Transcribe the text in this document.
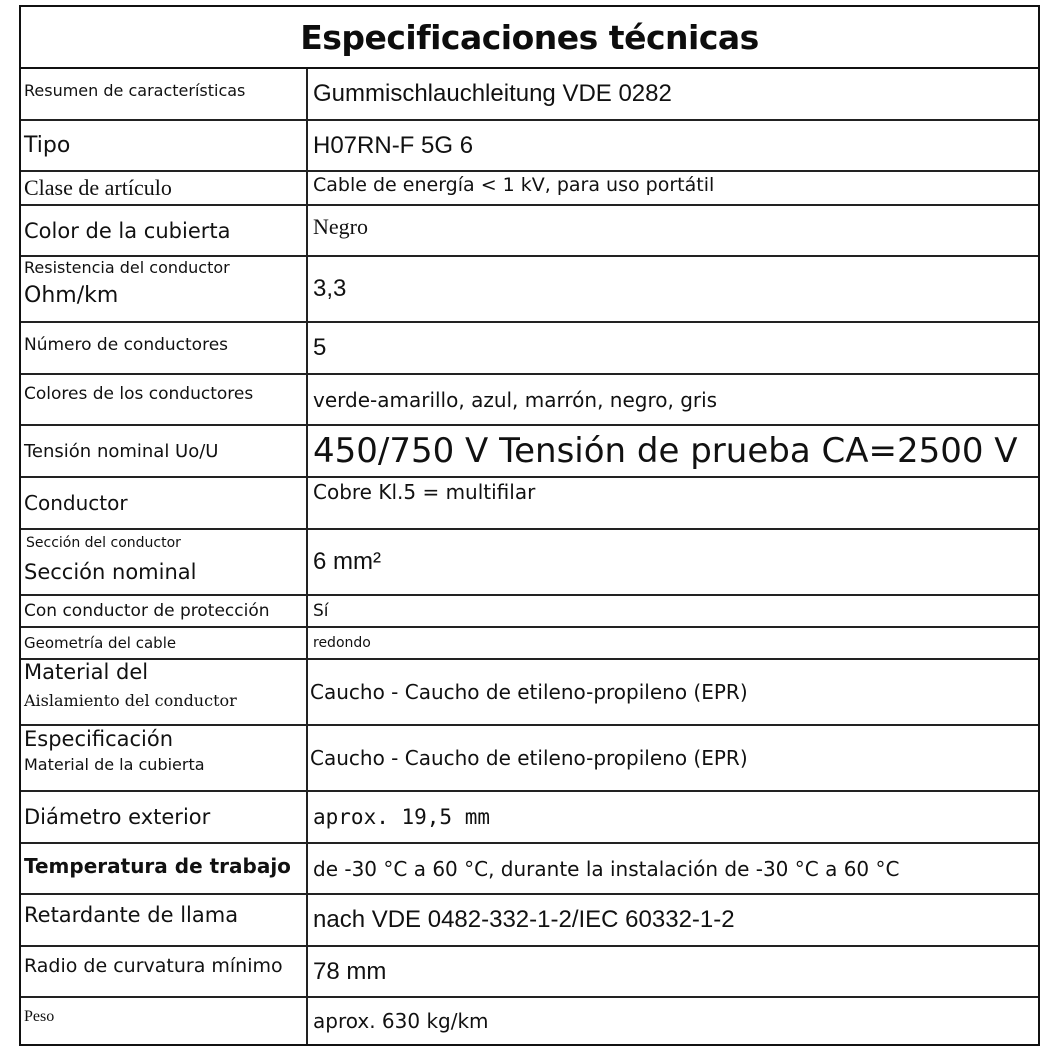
Especificaciones técnicas
Resumen de características	Gummischlauchleitung VDE 0282
Tipo	H07RN-F 5G 6
Clase de artículo	Cable de energía < 1 kV, para uso portátil
Color de la cubierta	Negro
Resistencia del conductor
Ohm/km	3,3
Número de conductores	5
Colores de los conductores	verde-amarillo, azul, marrón, negro, gris
Tensión nominal Uo/U	450/750 V Tensión de prueba CA=2500 V
Conductor	Cobre Kl.5 = multifilar
Sección del conductor
Sección nominal	6 mm²
Con conductor de protección	Sí
Geometría del cable	redondo
Material del
Aislamiento del conductor	Caucho - Caucho de etileno-propileno (EPR)
Especificación
Material de la cubierta	Caucho - Caucho de etileno-propileno (EPR)
Diámetro exterior	aprox. 19,5 mm
Temperatura de trabajo	de -30 °C a 60 °C, durante la instalación de -30 °C a 60 °C
Retardante de llama	nach VDE 0482-332-1-2/IEC 60332-1-2
Radio de curvatura mínimo	78 mm
Peso	aprox. 630 kg/km
